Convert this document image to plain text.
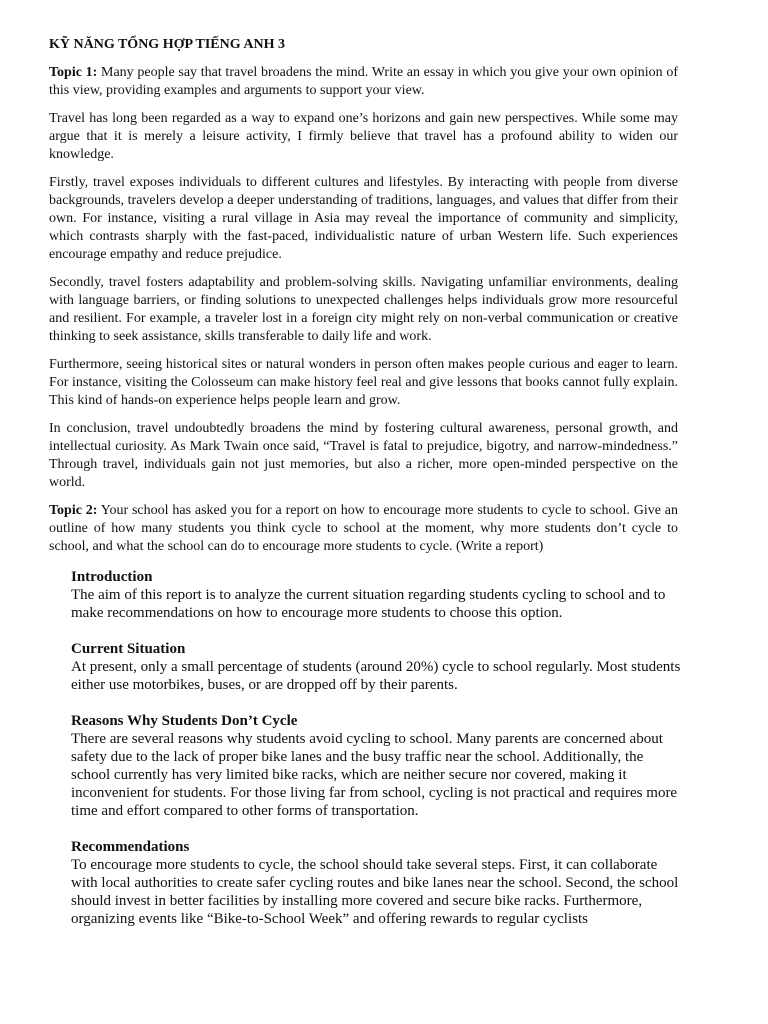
KỸ NĂNG TỔNG HỢP TIẾNG ANH 3

Topic 1: Many people say that travel broadens the mind. Write an essay in which you give your own opinion of this view, providing examples and arguments to support your view.

Travel has long been regarded as a way to expand one’s horizons and gain new perspectives. While some may argue that it is merely a leisure activity, I firmly believe that travel has a profound ability to widen our knowledge.

Firstly, travel exposes individuals to different cultures and lifestyles. By interacting with people from diverse backgrounds, travelers develop a deeper understanding of traditions, languages, and values that differ from their own. For instance, visiting a rural village in Asia may reveal the importance of community and simplicity, which contrasts sharply with the fast-paced, individualistic nature of urban Western life. Such experiences encourage empathy and reduce prejudice.

Secondly, travel fosters adaptability and problem-solving skills. Navigating unfamiliar environments, dealing with language barriers, or finding solutions to unexpected challenges helps individuals grow more resourceful and resilient. For example, a traveler lost in a foreign city might rely on non-verbal communication or creative thinking to seek assistance, skills transferable to daily life and work.

Furthermore, seeing historical sites or natural wonders in person often makes people curious and eager to learn. For instance, visiting the Colosseum can make history feel real and give lessons that books cannot fully explain. This kind of hands-on experience helps people learn and grow.

In conclusion, travel undoubtedly broadens the mind by fostering cultural awareness, personal growth, and intellectual curiosity. As Mark Twain once said, “Travel is fatal to prejudice, bigotry, and narrow-mindedness.” Through travel, individuals gain not just memories, but also a richer, more open-minded perspective on the world.

Topic 2: Your school has asked you for a report on how to encourage more students to cycle to school. Give an outline of how many students you think cycle to school at the moment, why more students don’t cycle to school, and what the school can do to encourage more students to cycle. (Write a report)

Introduction

The aim of this report is to analyze the current situation regarding students cycling to school and to make recommendations on how to encourage more students to choose this option.

Current Situation

At present, only a small percentage of students (around 20%) cycle to school regularly. Most students either use motorbikes, buses, or are dropped off by their parents.

Reasons Why Students Don’t Cycle

There are several reasons why students avoid cycling to school. Many parents are concerned about safety due to the lack of proper bike lanes and the busy traffic near the school. Additionally, the school currently has very limited bike racks, which are neither secure nor covered, making it inconvenient for students. For those living far from school, cycling is not practical and requires more time and effort compared to other forms of transportation.

Recommendations

To encourage more students to cycle, the school should take several steps. First, it can collaborate with local authorities to create safer cycling routes and bike lanes near the school. Second, the school should invest in better facilities by installing more covered and secure bike racks. Furthermore, organizing events like “Bike-to-School Week” and offering rewards to regular cyclists
